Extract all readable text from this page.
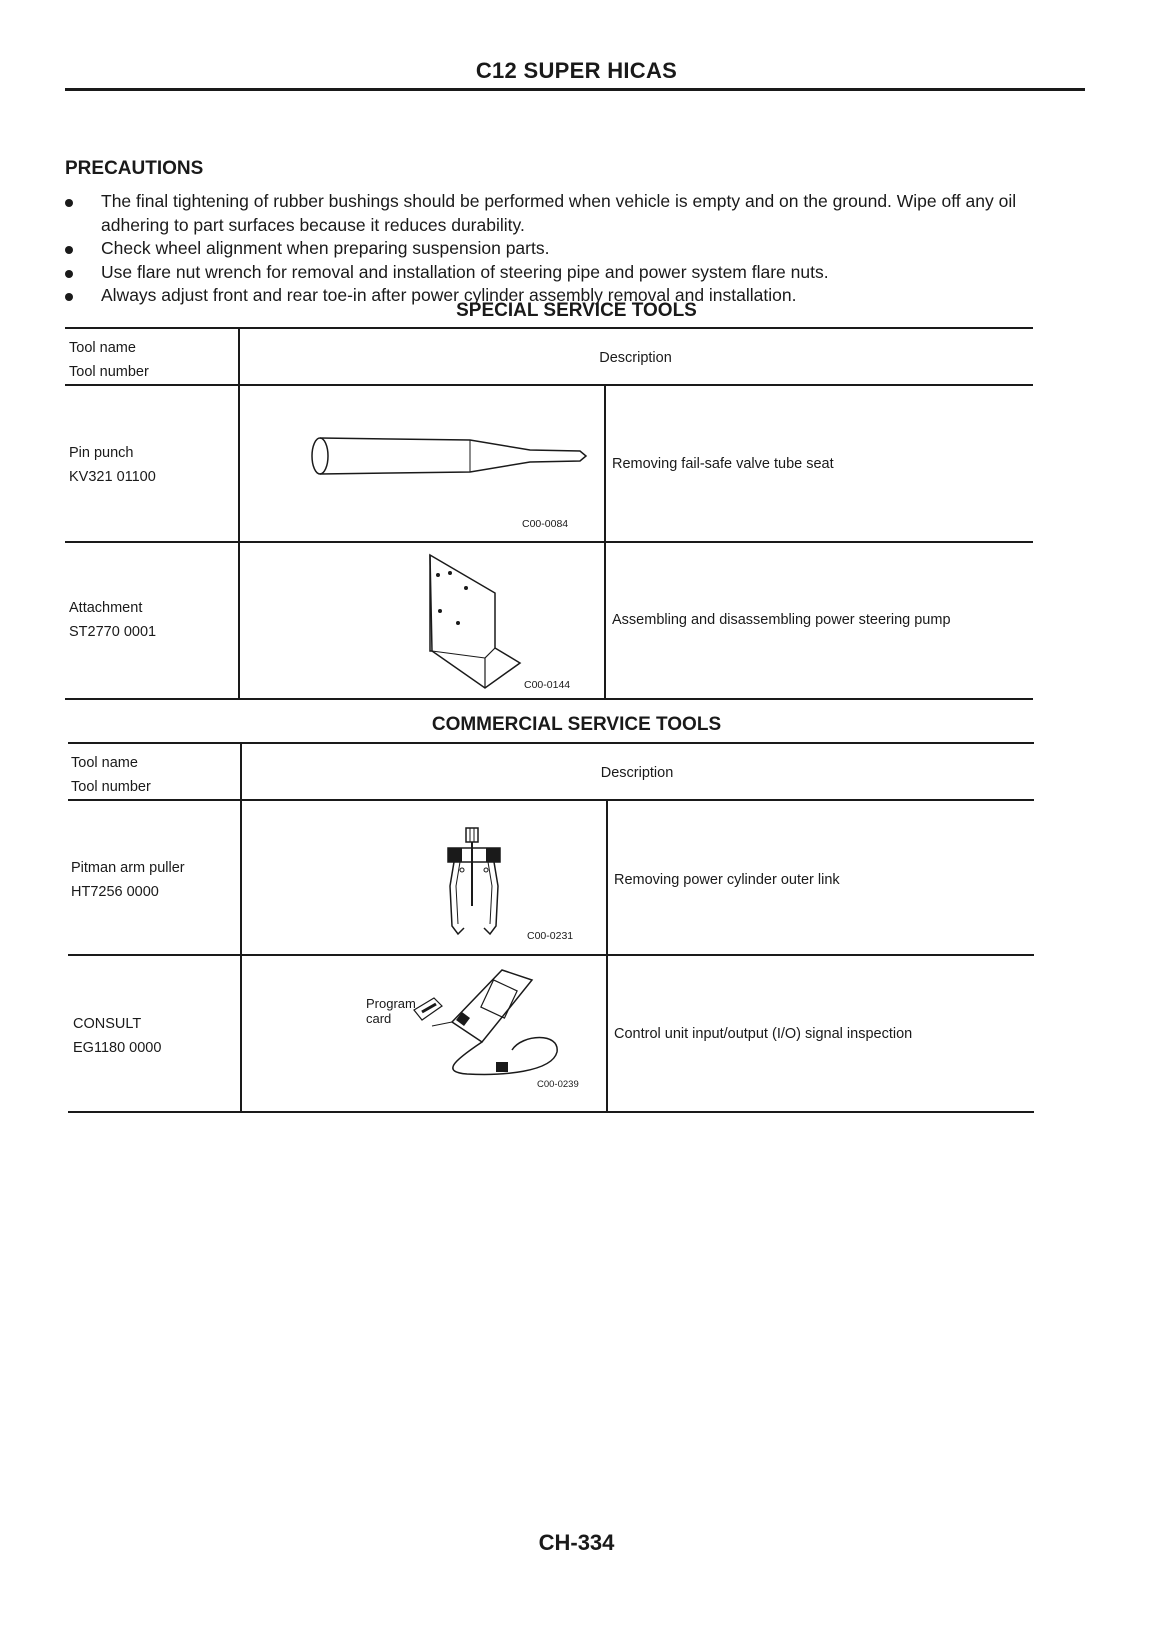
C12 SUPER HICAS
PRECAUTIONS
The final tightening of rubber bushings should be performed when vehicle is empty and on the ground. Wipe off any oil adhering to part surfaces because it reduces durability.
Check wheel alignment when preparing suspension parts.
Use flare nut wrench for removal and installation of steering pipe and power system flare nuts.
Always adjust front and rear toe-in after power cylinder assembly removal and installation.
SPECIAL SERVICE TOOLS
Tool name
Tool number
Description
Pin punch
KV321 01100
C00-0084
Removing fail-safe valve tube seat
Attachment
ST2770 0001
C00-0144
Assembling and disassembling power steering pump
COMMERCIAL SERVICE TOOLS
Tool name
Tool number
Description
Pitman arm puller
HT7256 0000
C00-0231
Removing power cylinder outer link
CONSULT
EG1180 0000
Program
card
C00-0239
Control unit input/output (I/O) signal inspection
CH-334
